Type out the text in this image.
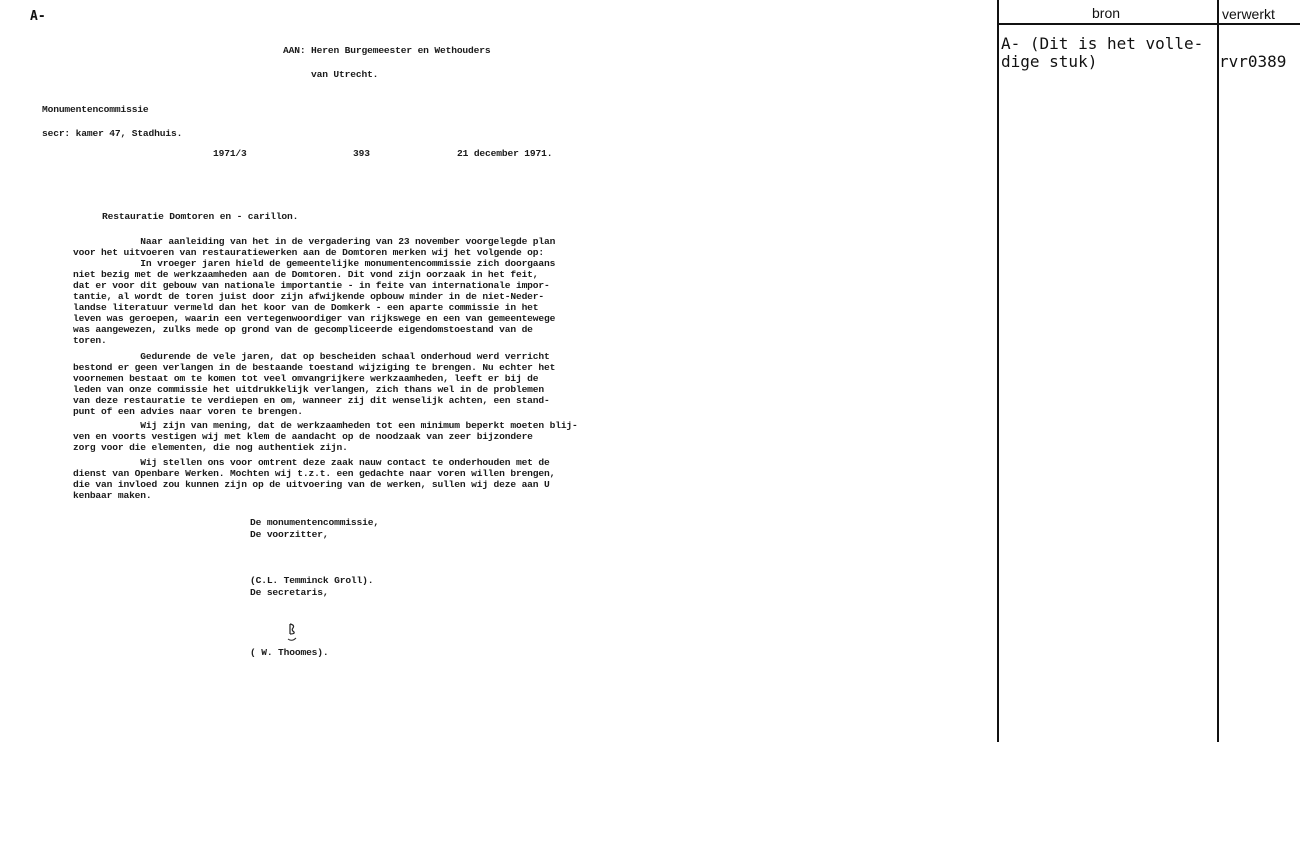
A-
AAN: Heren Burgemeester en Wethouders
van Utrecht.
Monumentencommissie
secr: kamer 47, Stadhuis.
1971/3	393	21 december 1971.
Restauratie Domtoren en - carillon.
Naar aanleiding van het in de vergadering van 23 november voorgelegde plan
voor het uitvoeren van restauratiewerken aan de Domtoren merken wij het volgende op:
In vroeger jaren hield de gemeentelijke monumentencommissie zich doorgaans
niet bezig met de werkzaamheden aan de Domtoren. Dit vond zijn oorzaak in het feit,
dat er voor dit gebouw van nationale importantie - in feite van internationale impor-
tantie, al wordt de toren juist door zijn afwijkende opbouw minder in de niet-Neder-
landse literatuur vermeld dan het koor van de Domkerk - een aparte commissie in het
leven was geroepen, waarin een vertegenwoordiger van rijkswege en een van gemeentewege
was aangewezen, zulks mede op grond van de gecompliceerde eigendomstoestand van de
toren.
Gedurende de vele jaren, dat op bescheiden schaal onderhoud werd verricht
bestond er geen verlangen in de bestaande toestand wijziging te brengen. Nu echter het
voornemen bestaat om te komen tot veel omvangrijkere werkzaamheden, leeft er bij de
leden van onze commissie het uitdrukkelijk verlangen, zich thans wel in de problemen
van deze restauratie te verdiepen en om, wanneer zij dit wenselijk achten, een stand-
punt of een advies naar voren te brengen.
Wij zijn van mening, dat de werkzaamheden tot een minimum beperkt moeten blij-
ven en voorts vestigen wij met klem de aandacht op de noodzaak van zeer bijzondere
zorg voor die elementen, die nog authentiek zijn.
Wij stellen ons voor omtrent deze zaak nauw contact te onderhouden met de
dienst van Openbare Werken. Mochten wij t.z.t. een gedachte naar voren willen brengen,
die van invloed zou kunnen zijn op de uitvoering van de werken, sullen wij deze aan U
kenbaar maken.
De monumentencommissie,
De voorzitter,
(C.L. Temminck Groll).
De secretaris,
( W. Thoomes).
bron	verwerkt
A- (Dit is het volle-
dige stuk)	rvr0389
